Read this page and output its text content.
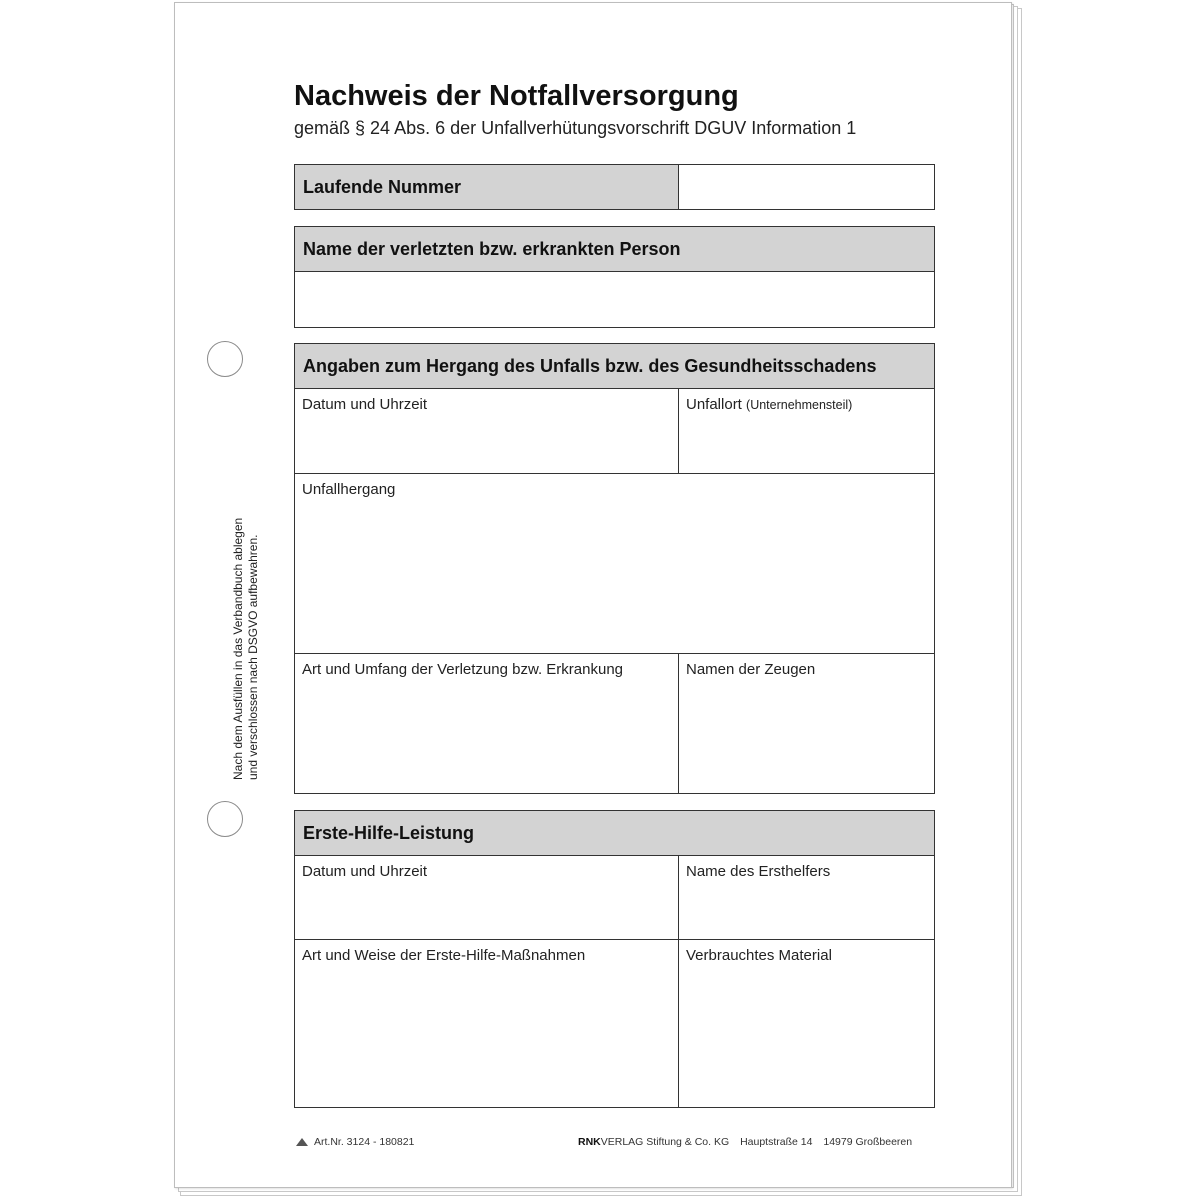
Nachweis der Notfallversorgung
gemäß § 24 Abs. 6 der Unfallverhütungsvorschrift DGUV Information 1
Nach dem Ausfüllen in das Verbandbuch ablegen und verschlossen nach DSGVO aufbewahren.
Laufende Nummer
Name der verletzten bzw. erkrankten Person
Angaben zum Hergang des Unfalls bzw. des Gesundheitsschadens
Datum und Uhrzeit	Unfallort (Unternehmensteil)
Unfallhergang
Art und Umfang der Verletzung bzw. Erkrankung	Namen der Zeugen
Erste-Hilfe-Leistung
Datum und Uhrzeit	Name des Ersthelfers
Art und Weise der Erste-Hilfe-Maßnahmen	Verbrauchtes Material
Art.Nr. 3124 - 180821	RNKVERLAG Stiftung & Co. KG Hauptstraße 14 14979 Großbeeren
